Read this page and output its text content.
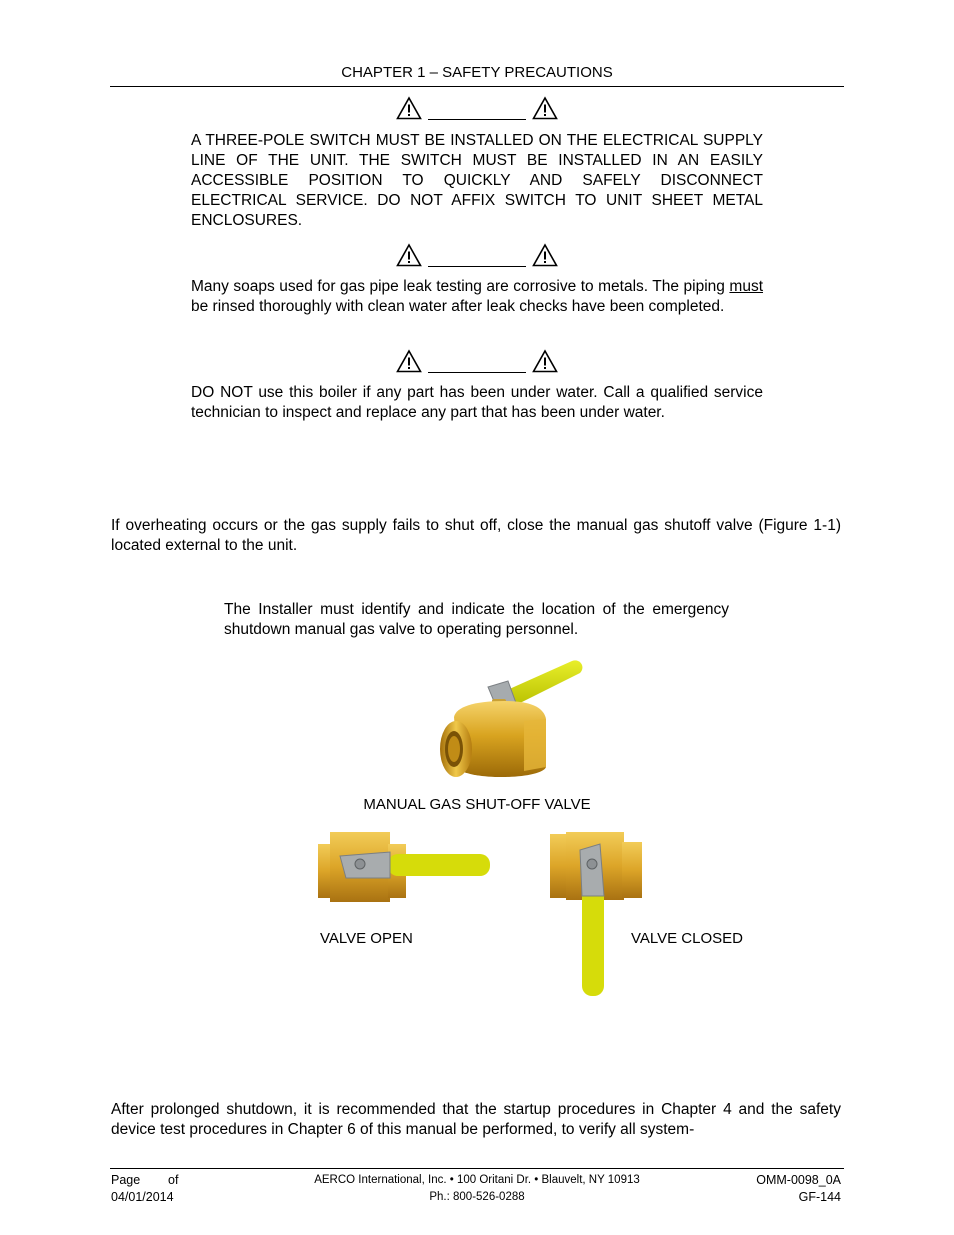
CHAPTER 1 – SAFETY PRECAUTIONS
A THREE-POLE SWITCH MUST BE INSTALLED ON THE ELECTRICAL SUPPLY LINE OF THE UNIT. THE SWITCH MUST BE INSTALLED IN AN EASILY ACCESSIBLE POSITION TO QUICKLY AND SAFELY DISCONNECT ELECTRICAL SERVICE. DO NOT AFFIX SWITCH TO UNIT SHEET METAL ENCLOSURES.
Many soaps used for gas pipe leak testing are corrosive to metals. The piping must be rinsed thoroughly with clean water after leak checks have been completed.
DO NOT use this boiler if any part has been under water. Call a qualified service technician to inspect and replace any part that has been under water.
If overheating occurs or the gas supply fails to shut off, close the manual gas shutoff valve (Figure 1-1) located external to the unit.
The Installer must identify and indicate the location of the emergency shutdown manual gas valve to operating personnel.
MANUAL GAS SHUT-OFF VALVE
VALVE OPEN	VALVE CLOSED
After prolonged shutdown, it is recommended that the startup procedures in Chapter 4 and the safety device test procedures in Chapter 6 of this manual be performed, to verify all system-
Page of
04/01/2014
AERCO International, Inc. • 100 Oritani Dr. • Blauvelt, NY 10913
Ph.: 800-526-0288
OMM-0098_0A
GF-144
